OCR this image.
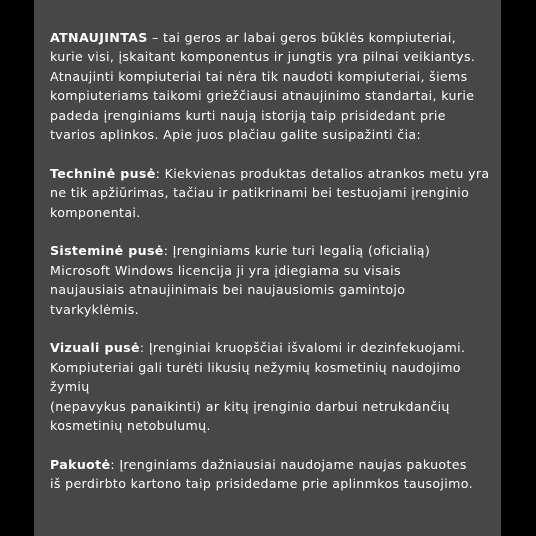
ATNAUJINTAS – tai geros ar labai geros būklės kompiuteriai,
kurie visi, įskaitant komponentus ir jungtis yra pilnai veikiantys.
Atnaujinti kompiuteriai tai nėra tik naudoti kompiuteriai, šiems
kompiuteriams taikomi griežčiausi atnaujinimo standartai, kurie
padeda įrenginiams kurti naują istoriją taip prisidedant prie
tvarios aplinkos. Apie juos plačiau galite susipažinti čia:
Techninė pusė: Kiekvienas produktas detalios atrankos metu yra
ne tik apžiūrimas, tačiau ir patikrinami bei testuojami įrenginio
komponentai.
Sisteminė pusė: Įrenginiams kurie turi legalią (oficialią)
Microsoft Windows licencija ji yra įdiegiama su visais
naujausiais atnaujinimais bei naujausiomis gamintojo
tvarkyklėmis.
Vizuali pusė: Įrenginiai kruopščiai išvalomi ir dezinfekuojami.
Kompiuteriai gali turėti likusių nežymių kosmetinių naudojimo žymių
(nepavykus panaikinti) ar kitų įrenginio darbui netrukdančių
kosmetinių netobulumų.
Pakuotė: Įrenginiams dažniausiai naudojame naujas pakuotes
iš perdirbto kartono taip prisidedame prie aplinmkos tausojimo.
